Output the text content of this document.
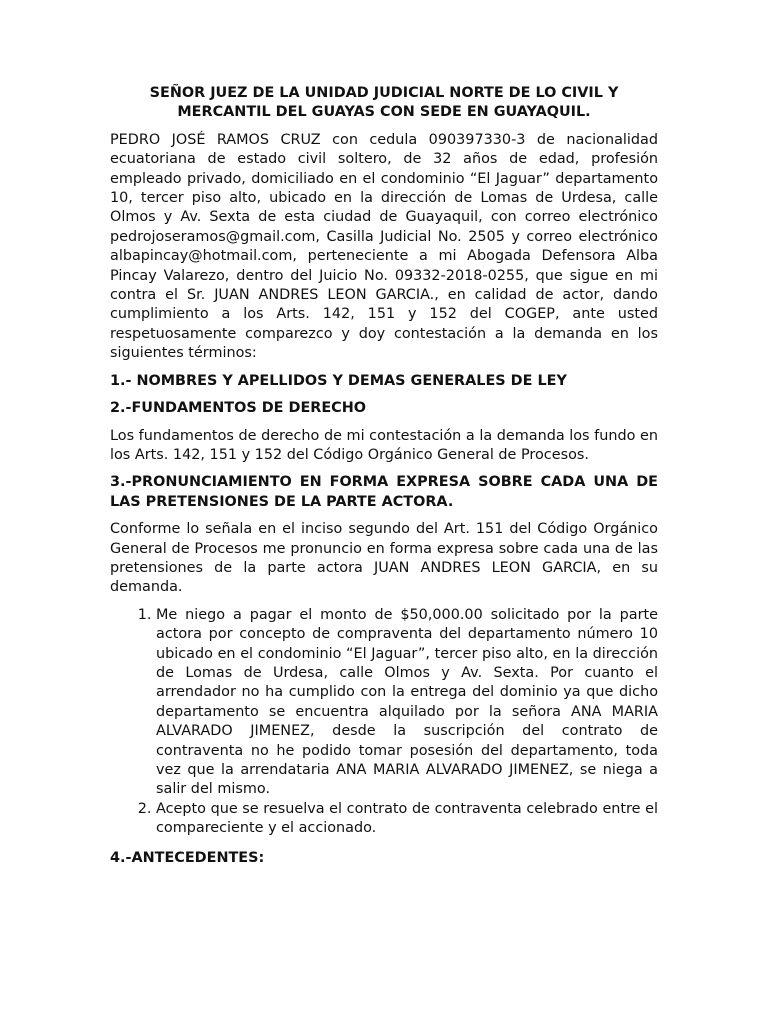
SEÑOR JUEZ DE LA UNIDAD JUDICIAL NORTE DE LO CIVIL Y
MERCANTIL DEL GUAYAS CON SEDE EN GUAYAQUIL.

PEDRO JOSÉ RAMOS CRUZ con cedula 090397330-3 de nacionalidad ecuatoriana de estado civil soltero, de 32 años de edad, profesión empleado privado, domiciliado en el condominio “El Jaguar” departamento 10, tercer piso alto, ubicado en la dirección de Lomas de Urdesa, calle Olmos y Av. Sexta de esta ciudad de Guayaquil, con correo electrónico pedrojoseramos@gmail.com, Casilla Judicial No. 2505 y correo electrónico albapincay@hotmail.com, perteneciente a mi Abogada Defensora Alba Pincay Valarezo, dentro del Juicio No. 09332-2018-0255, que sigue en mi contra el Sr. JUAN ANDRES LEON GARCIA., en calidad de actor, dando cumplimiento a los Arts. 142, 151 y 152 del COGEP, ante usted respetuosamente comparezco y doy contestación a la demanda en los siguientes términos:

1.- NOMBRES Y APELLIDOS Y DEMAS GENERALES DE LEY
2.-FUNDAMENTOS DE DERECHO

Los fundamentos de derecho de mi contestación a la demanda los fundo en los Arts. 142, 151 y 152 del Código Orgánico General de Procesos.

3.-PRONUNCIAMIENTO EN FORMA EXPRESA SOBRE CADA UNA DE LAS PRETENSIONES DE LA PARTE ACTORA.

Conforme lo señala en el inciso segundo del Art. 151 del Código Orgánico General de Procesos me pronuncio en forma expresa sobre cada una de las pretensiones de la parte actora JUAN ANDRES LEON GARCIA, en su demanda.

1. Me niego a pagar el monto de $50,000.00 solicitado por la parte actora por concepto de compraventa del departamento número 10 ubicado en el condominio “El Jaguar”, tercer piso alto, en la dirección de Lomas de Urdesa, calle Olmos y Av. Sexta. Por cuanto el arrendador no ha cumplido con la entrega del dominio ya que dicho departamento se encuentra alquilado por la señora ANA MARIA ALVARADO JIMENEZ, desde la suscripción del contrato de contraventa no he podido tomar posesión del departamento, toda vez que la arrendataria ANA MARIA ALVARADO JIMENEZ, se niega a salir del mismo.
2. Acepto que se resuelva el contrato de contraventa celebrado entre el compareciente y el accionado.
4.-ANTECEDENTES:
